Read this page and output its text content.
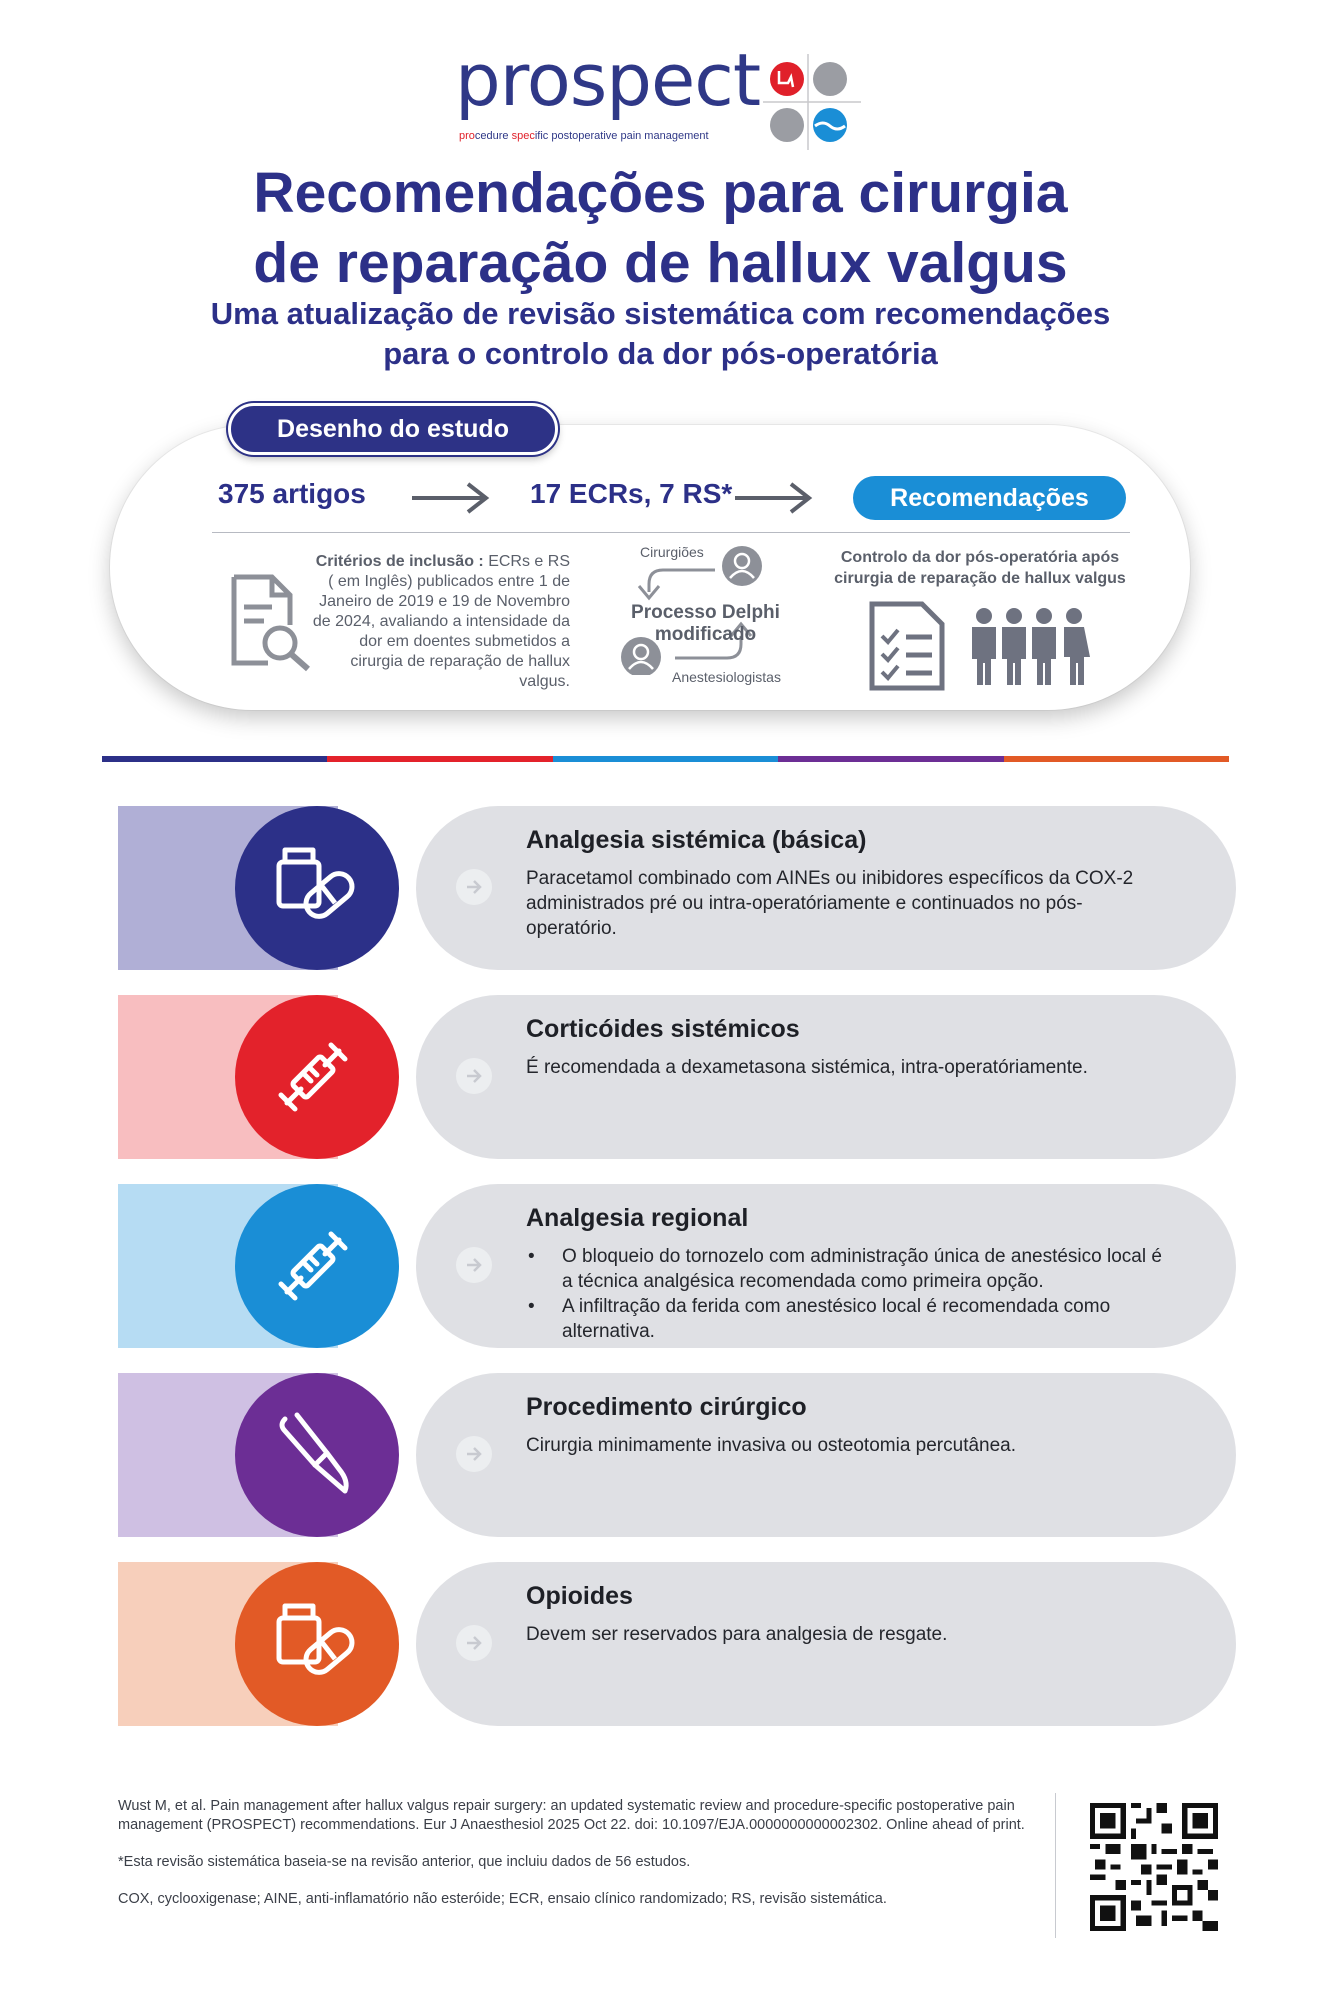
prospect
procedure specific postoperative pain management
Recomendações para cirurgia
de reparação de hallux valgus
Uma atualização de revisão sistemática com recomendações
para o controlo da dor pós-operatória
Desenho do estudo
375 artigos	17 ECRs, 7 RS*	Recomendações
Critérios de inclusão : ECRs e RS ( em Inglês) publicados entre 1 de Janeiro de 2019 e 19 de Novembro de 2024, avaliando a intensidade da dor em doentes submetidos a cirurgia de reparação de hallux valgus.
Cirurgiões
Processo Delphi modificado
Anestesiologistas
Controlo da dor pós-operatória após cirurgia de reparação de hallux valgus
Analgesia sistémica (básica)

Paracetamol combinado com AINEs ou inibidores específicos da COX-2 administrados pré ou intra-operatóriamente e continuados no pós-operatório.

Corticóides sistémicos

É recomendada a dexametasona sistémica, intra-operatóriamente.

Analgesia regional
• O bloqueio do tornozelo com administração única de anestésico local é a técnica analgésica recomendada como primeira opção.
• A infiltração da ferida com anestésico local é recomendada como alternativa.
Procedimento cirúrgico

Cirurgia minimamente invasiva ou osteotomia percutânea.

Opioides

Devem ser reservados para analgesia de resgate.

Wust M, et al. Pain management after hallux valgus repair surgery: an updated systematic review and procedure-specific postoperative pain management (PROSPECT) recommendations. Eur J Anaesthesiol 2025 Oct 22. doi: 10.1097/EJA.0000000000002302. Online ahead of print.

*Esta revisão sistemática baseia-se na revisão anterior, que incluiu dados de 56 estudos.

COX, cyclooxigenase; AINE, anti-inflamatório não esteróide; ECR, ensaio clínico randomizado; RS, revisão sistemática.
